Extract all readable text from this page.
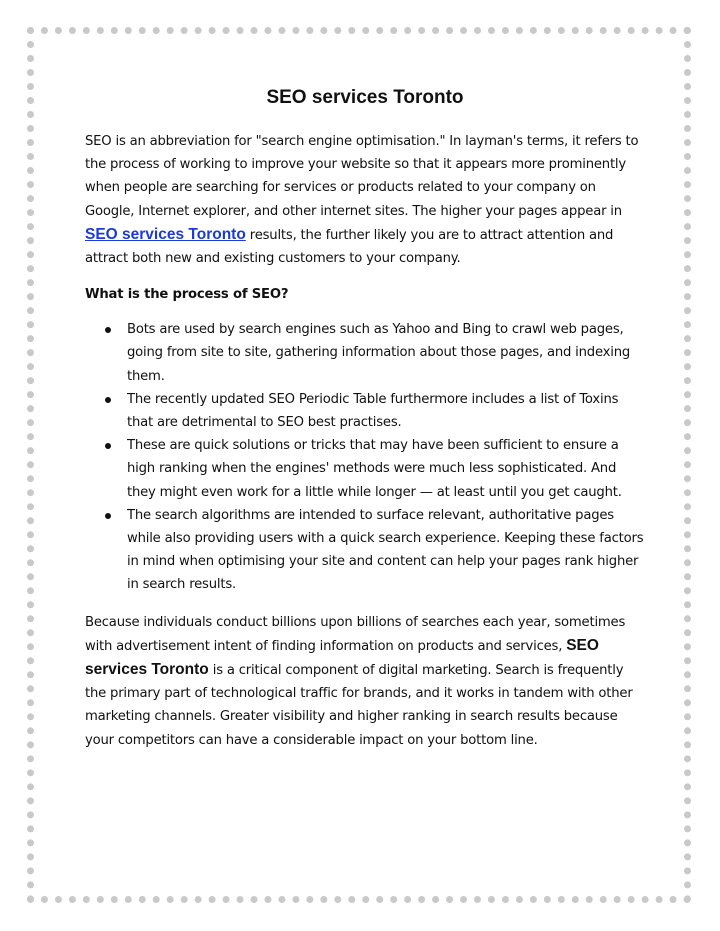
SEO services Toronto

SEO is an abbreviation for "search engine optimisation." In layman's terms, it refers to the process of working to improve your website so that it appears more prominently when people are searching for services or products related to your company on Google, Internet explorer, and other internet sites. The higher your pages appear in SEO services Toronto results, the further likely you are to attract attention and attract both new and existing customers to your company.

What is the process of SEO?

Bots are used by search engines such as Yahoo and Bing to crawl web pages, going from site to site, gathering information about those pages, and indexing them.
The recently updated SEO Periodic Table furthermore includes a list of Toxins that are detrimental to SEO best practises.
These are quick solutions or tricks that may have been sufficient to ensure a high ranking when the engines' methods were much less sophisticated. And they might even work for a little while longer — at least until you get caught.
The search algorithms are intended to surface relevant, authoritative pages while also providing users with a quick search experience. Keeping these factors in mind when optimising your site and content can help your pages rank higher in search results.

Because individuals conduct billions upon billions of searches each year, sometimes with advertisement intent of finding information on products and services, SEO services Toronto is a critical component of digital marketing. Search is frequently the primary part of technological traffic for brands, and it works in tandem with other marketing channels. Greater visibility and higher ranking in search results because your competitors can have a considerable impact on your bottom line.
